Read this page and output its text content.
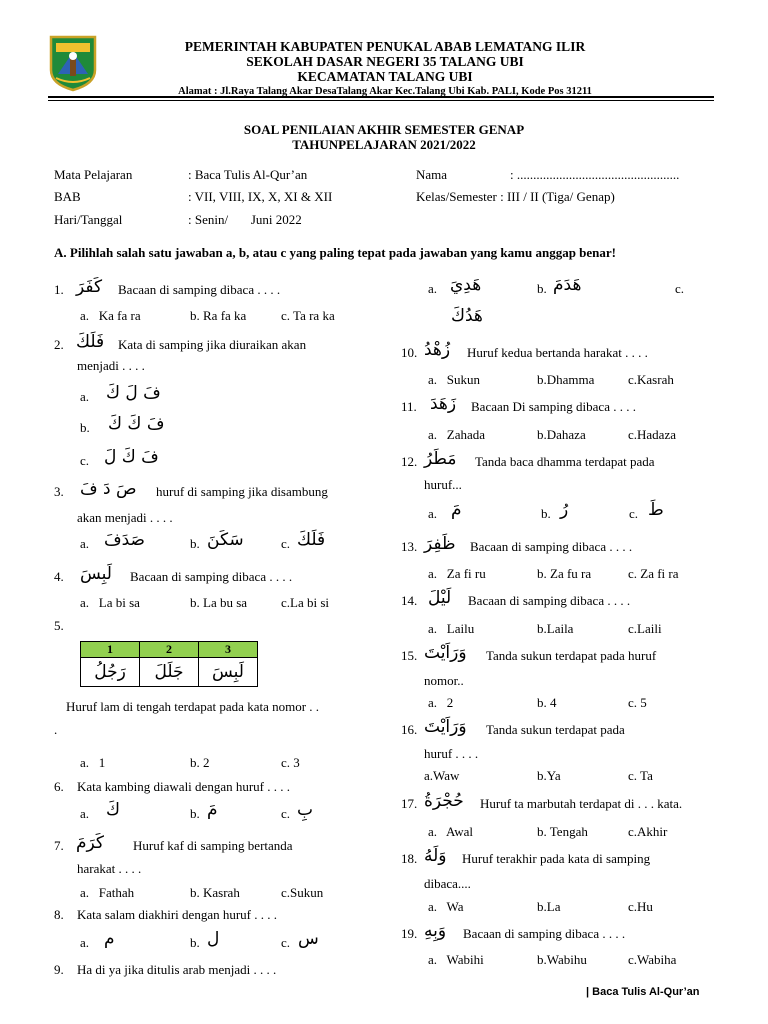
PEMERINTAH KABUPATEN PENUKAL ABAB LEMATANG ILIR
SEKOLAH DASAR NEGERI 35 TALANG UBI
KECAMATAN TALANG UBI
Alamat : Jl.Raya Talang Akar DesaTalang Akar Kec.Talang Ubi Kab. PALI, Kode Pos 31211
SOAL PENILAIAN AKHIR SEMESTER GENAP
TAHUNPELAJARAN 2021/2022
Mata Pelajaran	: Baca Tulis Al-Qur’an
BAB	: VII, VIII, IX, X, XI & XII
Hari/Tanggal	: Senin/       Juni 2022
Nama	: ..................................................
Kelas/Semester : III / II (Tiga/ Genap)
A. Pilihlah salah satu jawaban a, b, atau c yang paling tepat pada jawaban yang kamu anggap benar!
1. كَفَرَ Bacaan di samping dibaca . . . .
a.   Ka fa ra	b. Ra fa ka	c. Ta ra ka
2. فَلَكَ Kata di samping jika diuraikan akan
menjadi . . . .
a. فَ لَ كَ
b. فَ كَ كَ
c. فَ كَ لَ
3. صَ دَ فَ huruf di samping jika disambung
akan menjadi . . . .
a. صَدَفَ	b. سَكَنَ	c. فَلَكَ
4. لَبِسَ Bacaan di samping dibaca . . . .
a.   La bi sa	b. La bu sa	c.La bi si
5.
1	2	3
رَجُلُ	جَلَلَ	لَبِسَ
Huruf lam di tengah terdapat pada kata nomor . .
.
a.   1	b. 2	c. 3
6. Kata kambing diawali dengan huruf . . . .
a. كَ	b. مَ	c. بِ
7. كَرَمَ Huruf kaf di samping bertanda
harakat . . . .
a.   Fathah	b. Kasrah	c.Sukun
8. Kata salam diakhiri dengan huruf . . . .
a. م	b. ل	c. س
9. Ha di ya jika ditulis arab menjadi . . . .
a. هَدِيَ	b. هَدَمَ	c.
هَدُكَ
10. زُهْدُ Huruf kedua bertanda harakat . . . .
a.   Sukun	b.Dhamma	c.Kasrah
11. زَهَدَ Bacaan Di samping dibaca . . . .
a.   Zahada	b.Dahaza	c.Hadaza
12. مَطَرُ Tanda baca dhamma terdapat pada
huruf...
a. مَ	b. رُ	c. طَ
13. ظَفِرَ Bacaan di samping dibaca . . . .
a.   Za fi ru	b. Za fu ra	c. Za fi ra
14. لَيْلَ Bacaan di samping dibaca . . . .
a.   Lailu	b.Laila	c.Laili
15. وَرَاَيْتَ Tanda sukun terdapat pada huruf
nomor..
a.   2	b. 4	c. 5
16. وَرَاَيْتَ Tanda sukun terdapat pada
huruf . . . .
a.Waw	b.Ya	c. Ta
17. حُجْرَةُ Huruf ta marbutah terdapat di . . . kata.
a.   Awal	b. Tengah	c.Akhir
18. وَلَهُ Huruf terakhir pada kata di samping
dibaca....
a.   Wa	b.La	c.Hu
19. وَبِهِ Bacaan di samping dibaca . . . .
a.   Wabihi	b.Wabihu	c.Wabiha
| Baca Tulis Al-Qur’an
